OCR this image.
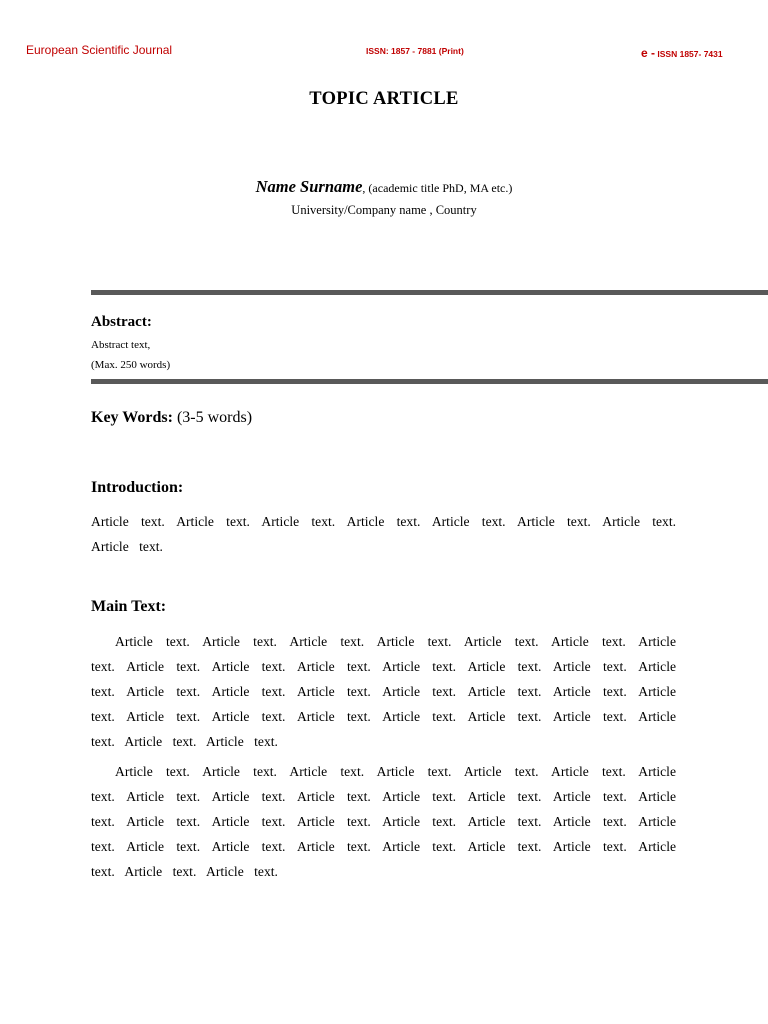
European Scientific Journal	ISSN: 1857 - 7881 (Print)	e - ISSN 1857- 7431
TOPIC ARTICLE
Name Surname, (academic title PhD, MA etc.)
University/Company name , Country
Abstract:
Abstract text,
(Max. 250 words)
Key Words: (3-5 words)
Introduction:

Article text. Article text. Article text. Article text. Article text. Article text. Article text. Article text.

Main Text:

Article text. Article text. Article text. Article text. Article text. Article text. Article text. Article text. Article text. Article text. Article text. Article text. Article text. Article text. Article text. Article text. Article text. Article text. Article text. Article text. Article text. Article text. Article text. Article text. Article text. Article text. Article text. Article text. Article text. Article text.

Article text. Article text. Article text. Article text. Article text. Article text. Article text. Article text. Article text. Article text. Article text. Article text. Article text. Article text. Article text. Article text. Article text. Article text. Article text. Article text. Article text. Article text. Article text. Article text. Article text. Article text. Article text. Article text. Article text. Article text.
